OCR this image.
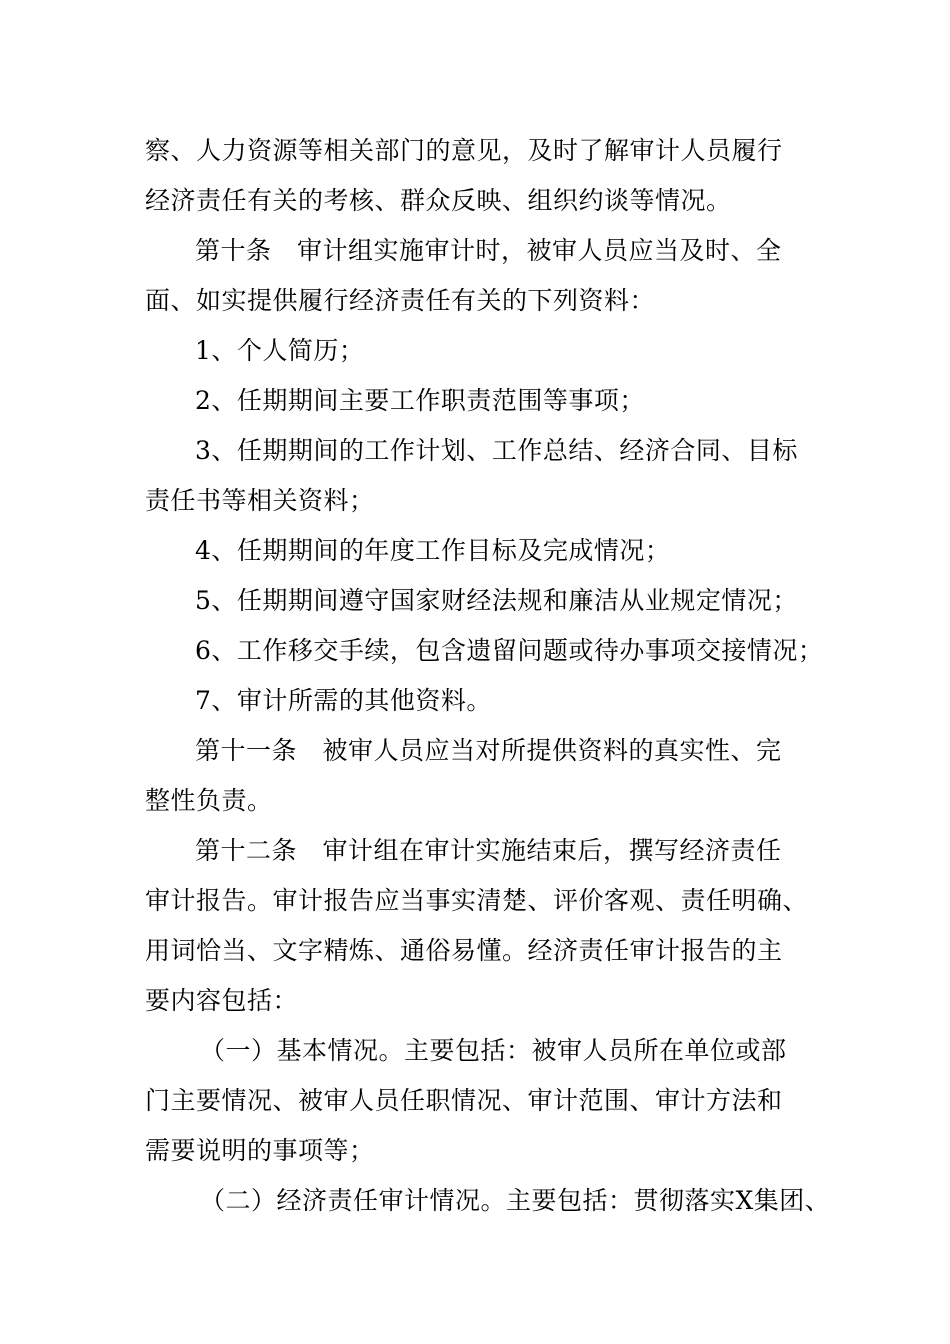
察、人力资源等相关部门的意见，及时了解审计人员履行
经济责任有关的考核、群众反映、组织约谈等情况。
第十条　审计组实施审计时，被审人员应当及时、全
面、如实提供履行经济责任有关的下列资料：
1、个人简历；
2、任期期间主要工作职责范围等事项；
3、任期期间的工作计划、工作总结、经济合同、目标
责任书等相关资料；
4、任期期间的年度工作目标及完成情况；
5、任期期间遵守国家财经法规和廉洁从业规定情况；
6、工作移交手续，包含遗留问题或待办事项交接情况；
7、审计所需的其他资料。
第十一条　被审人员应当对所提供资料的真实性、完
整性负责。
第十二条　审计组在审计实施结束后，撰写经济责任
审计报告。审计报告应当事实清楚、评价客观、责任明确、
用词恰当、文字精炼、通俗易懂。经济责任审计报告的主
要内容包括：
（一）基本情况。主要包括：被审人员所在单位或部
门主要情况、被审人员任职情况、审计范围、审计方法和
需要说明的事项等；
（二）经济责任审计情况。主要包括：贯彻落实X集团、
